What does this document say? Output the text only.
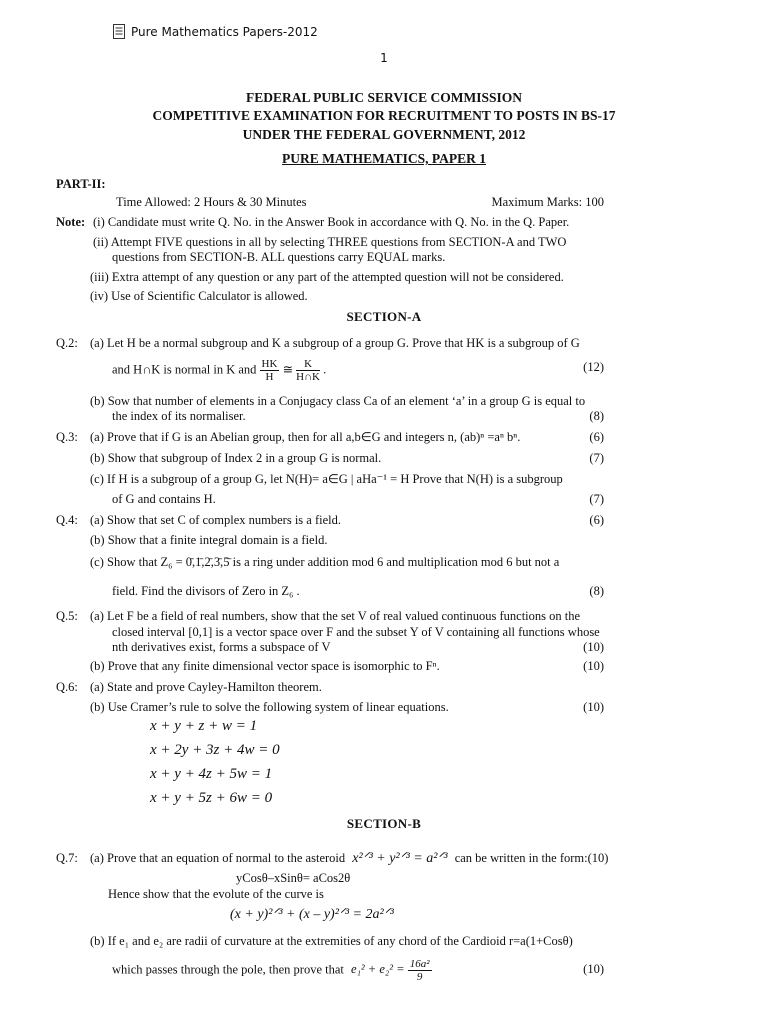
Pure Mathematics Papers-2012
1
FEDERAL PUBLIC SERVICE COMMISSION
COMPETITIVE EXAMINATION FOR RECRUITMENT TO POSTS IN BS-17
UNDER THE FEDERAL GOVERNMENT, 2012
PURE MATHEMATICS, PAPER 1
PART-II:
Time Allowed: 2 Hours & 30 Minutes	Maximum Marks: 100
Note: (i) Candidate must write Q. No. in the Answer Book in accordance with Q. No. in the Q. Paper.
(ii) Attempt FIVE questions in all by selecting THREE questions from SECTION-A and TWO
questions from SECTION-B. ALL questions carry EQUAL marks.
(iii) Extra attempt of any question or any part of the attempted question will not be considered.
(iv) Use of Scientific Calculator is allowed.
SECTION-A
Q.2: (a) Let H be a normal subgroup and K a subgroup of a group G. Prove that HK is a subgroup of G
and H∩K is normal in K and $\frac{HK}{H}$ ≅ $\frac{K}{H\cap K}$ .	(12)
(b) Sow that number of elements in a Conjugacy class Ca of an element ‘a’ in a group G is equal to
the index of its normaliser.	(8)
Q.3: (a) Prove that if G is an Abelian group, then for all a,b∈G and integers n, (ab)ⁿ =aⁿ bⁿ.	(6)
(b) Show that subgroup of Index 2 in a group G is normal.	(7)
(c) If H is a subgroup of a group G, let N(H)= a∈G | aHa⁻¹ = H Prove that N(H) is a subgroup
of G and contains H.	(7)
Q.4: (a) Show that set C of complex numbers is a field.	(6)
(b) Show that a finite integral domain is a field.
(c) Show that Z₆ = 0̄,1̄,2̄,3̄,5̄ is a ring under addition mod 6 and multiplication mod 6 but not a
field. Find the divisors of Zero in Z₆ .	(8)
Q.5: (a) Let F be a field of real numbers, show that the set V of real valued continuous functions on the
closed interval [0,1] is a vector space over F and the subset Y of V containing all functions whose
nth derivatives exist, forms a subspace of V	(10)
(b) Prove that any finite dimensional vector space is isomorphic to Fⁿ.	(10)
Q.6: (a) State and prove Cayley-Hamilton theorem.
(b) Use Cramer’s rule to solve the following system of linear equations.	(10)
x + y + z + w = 1
x + 2y + 3z + 4w = 0
x + y + 4z + 5w = 1
x + y + 5z + 6w = 0
SECTION-B
Q.7: (a) Prove that an equation of normal to the asteroid x²ᐟ³ + y²ᐟ³ = a²ᐟ³ can be written in the form:(10)
yCosθ–xSinθ= aCos2θ
Hence show that the evolute of the curve is
(x + y)²ᐟ³ + (x – y)²ᐟ³ = 2a²ᐟ³
(b) If e₁ and e₂ are radii of curvature at the extremities of any chord of the Cardioid r=a(1+Cosθ)
which passes through the pole, then prove that $e_1^2 + e_2^2 = \frac{\text{16a²}}{9}$	(10)
